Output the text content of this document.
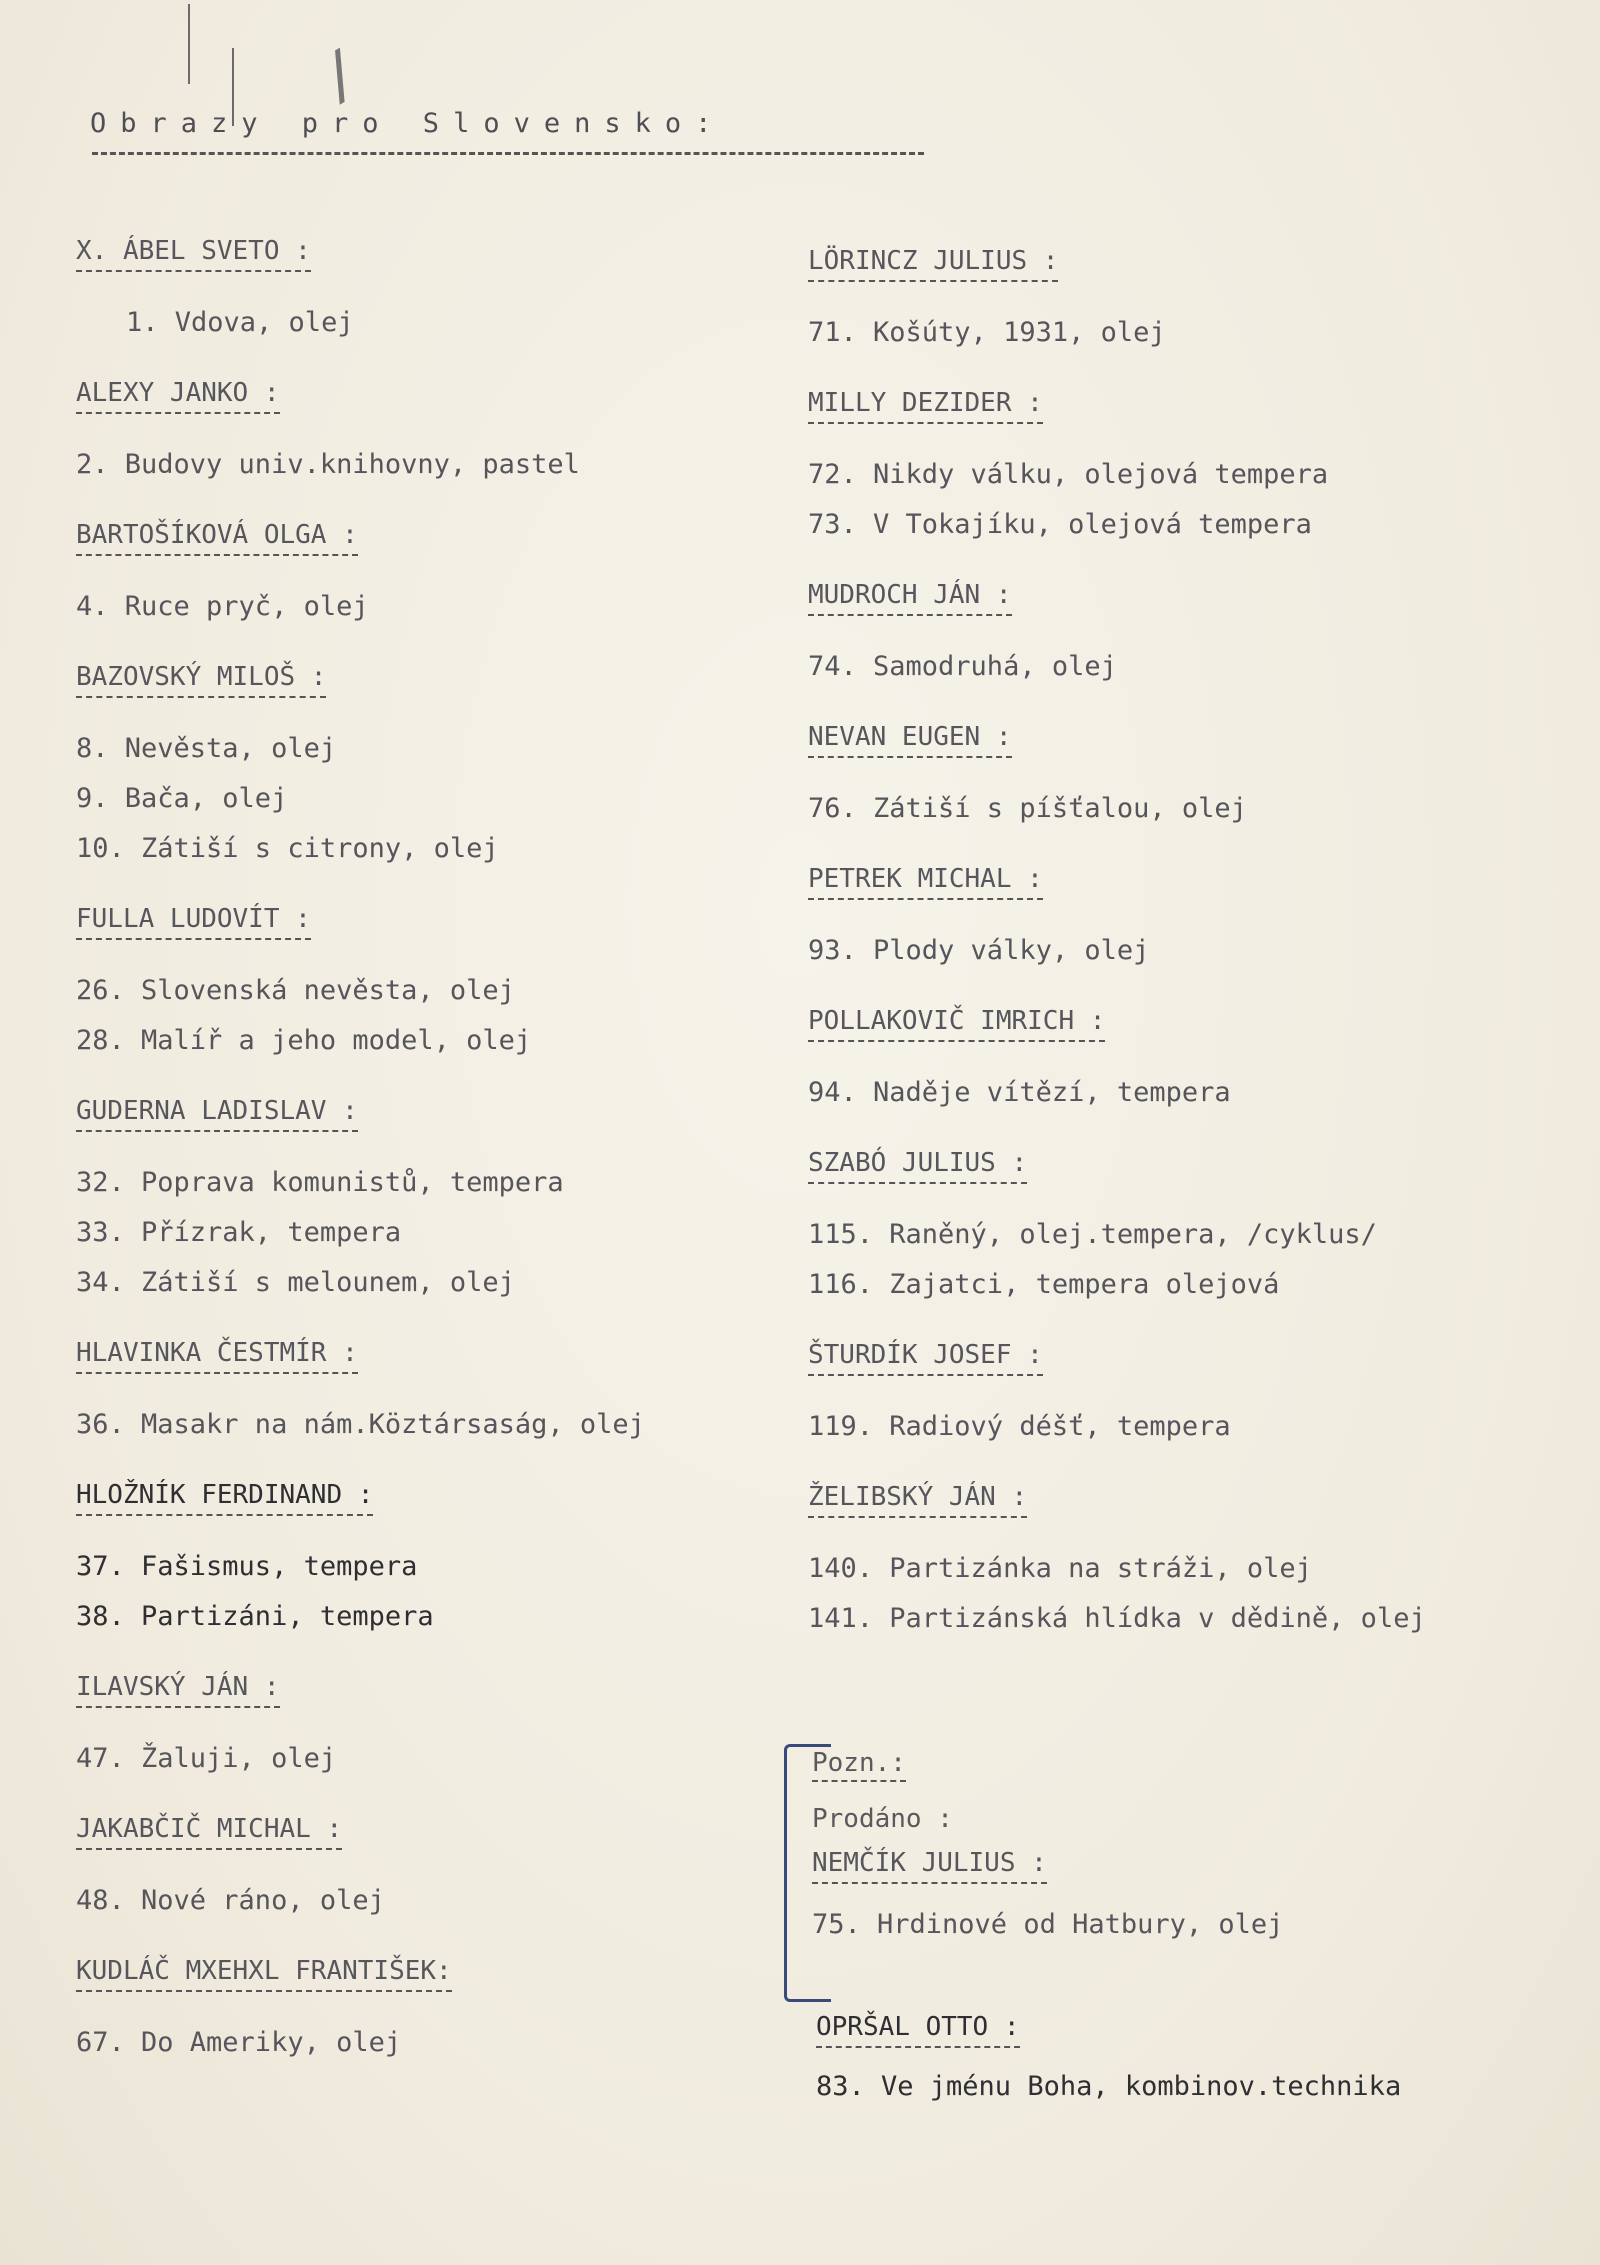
/
Obrazy pro Slovensko:
X. ÁBEL SVETO :
1. Vdova, olej
ALEXY JANKO :
2. Budovy univ.knihovny, pastel
BARTOŠÍKOVÁ OLGA :
4. Ruce pryč, olej
BAZOVSKÝ MILOŠ :
8. Nevěsta, olej
9. Bača, olej
10. Zátiší s citrony, olej
FULLA LUDOVÍT :
26. Slovenská nevěsta, olej
28. Malíř a jeho model, olej
GUDERNA LADISLAV :
32. Poprava komunistů, tempera
33. Přízrak, tempera
34. Zátiší s melounem, olej
HLAVINKA ČESTMÍR :
36. Masakr na nám.Köztársaság, olej
HLOŽNÍK FERDINAND :
37. Fašismus, tempera
38. Partizáni, tempera
ILAVSKÝ JÁN :
47. Žaluji, olej
JAKABČIČ MICHAL :
48. Nové ráno, olej
KUDLÁČ MXEHXL FRANTIŠEK:
67. Do Ameriky, olej
LÖRINCZ JULIUS :
71. Košúty, 1931, olej
MILLY DEZIDER :
72. Nikdy válku, olejová tempera
73. V Tokajíku, olejová tempera
MUDROCH JÁN :
74. Samodruhá, olej
NEVAN EUGEN :
76. Zátiší s píšťalou, olej
PETREK MICHAL :
93. Plody války, olej
POLLAKOVIČ IMRICH :
94. Naděje vítězí, tempera
SZABÓ JULIUS :
115. Raněný, olej.tempera, /cyklus/
116. Zajatci, tempera olejová
ŠTURDÍK JOSEF :
119. Radiový déšť, tempera
ŽELIBSKÝ JÁN :
140. Partizánka na stráži, olej
141. Partizánská hlídka v dědině, olej
Pozn.:
Prodáno :
NEMČÍK JULIUS :
75. Hrdinové od Hatbury, olej
OPRŠAL OTTO :
83. Ve jménu Boha, kombinov.technika
